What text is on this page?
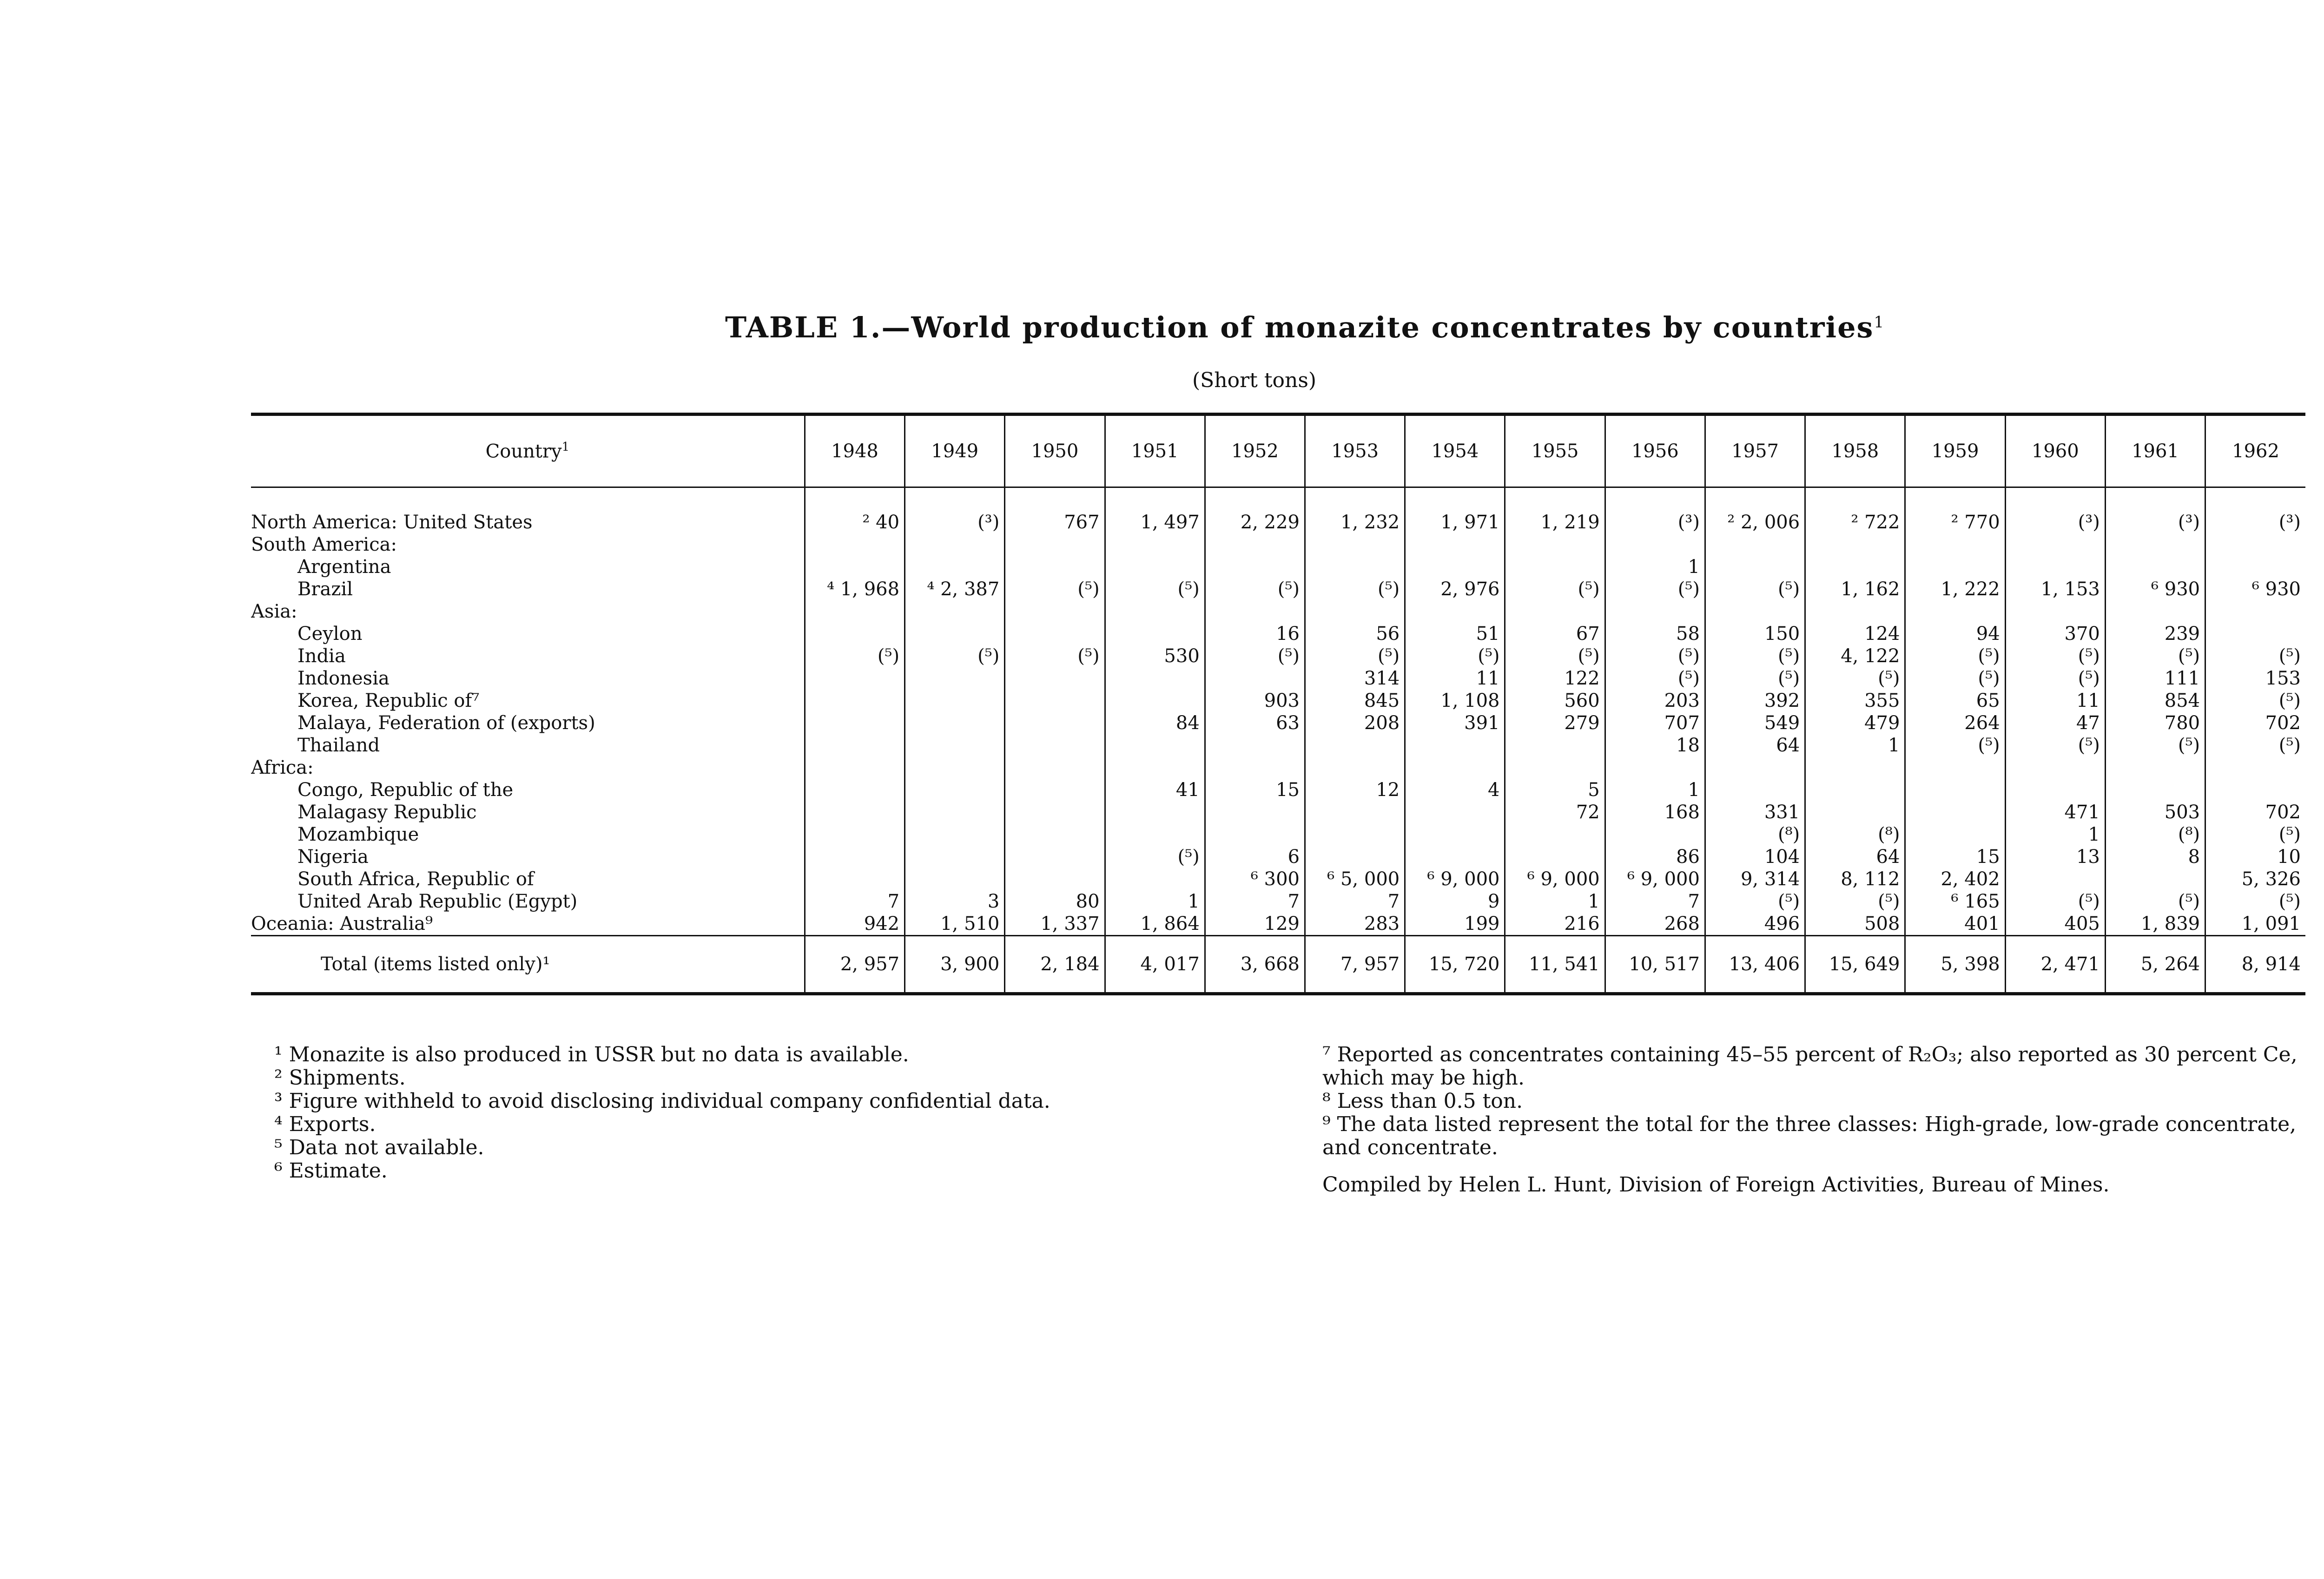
TABLE 1.—World production of monazite concentrates by countries$^1$
(Short tons)
Country$^1$	1948	1949	1950	1951	1952	1953	1954	1955	1956	1957	1958	1959	1960	1961	1962
North America: United States	² 40	(³)	767	1, 497	2, 229	1, 232	1, 971	1, 219	(³)	² 2, 006	² 722	² 770	(³)	(³)	(³)
South America:															
Argentina									1						
Brazil	⁴ 1, 968	⁴ 2, 387	(⁵)	(⁵)	(⁵)	(⁵)	2, 976	(⁵)	(⁵)	(⁵)	1, 162	1, 222	1, 153	⁶ 930	⁶ 930
Asia:															
Ceylon					16	56	51	67	58	150	124	94	370	239	
India	(⁵)	(⁵)	(⁵)	530	(⁵)	(⁵)	(⁵)	(⁵)	(⁵)	(⁵)	4, 122	(⁵)	(⁵)	(⁵)	(⁵)
Indonesia						314	11	122	(⁵)	(⁵)	(⁵)	(⁵)	(⁵)	111	153
Korea, Republic of⁷					903	845	1, 108	560	203	392	355	65	11	854	(⁵)
Malaya, Federation of (exports)				84	63	208	391	279	707	549	479	264	47	780	702
Thailand									18	64	1	(⁵)	(⁵)	(⁵)	(⁵)
Africa:															
Congo, Republic of the				41	15	12	4	5	1						
Malagasy Republic								72	168	331			471	503	702
Mozambique										(⁸)	(⁸)		1	(⁸)	(⁵)
Nigeria				(⁵)	6				86	104	64	15	13	8	10
South Africa, Republic of					⁶ 300	⁶ 5, 000	⁶ 9, 000	⁶ 9, 000	⁶ 9, 000	9, 314	8, 112	2, 402			5, 326
United Arab Republic (Egypt)	7	3	80	1	7	7	9	1	7	(⁵)	(⁵)	⁶ 165	(⁵)	(⁵)	(⁵)
Oceania: Australia⁹	942	1, 510	1, 337	1, 864	129	283	199	216	268	496	508	401	405	1, 839	1, 091
Total (items listed only)¹	2, 957	3, 900	2, 184	4, 017	3, 668	7, 957	15, 720	11, 541	10, 517	13, 406	15, 649	5, 398	2, 471	5, 264	8, 914
¹ Monazite is also produced in USSR but no data is available.
² Shipments.
³ Figure withheld to avoid disclosing individual company confidential data.
⁴ Exports.
⁵ Data not available.
⁶ Estimate.
⁷ Reported as concentrates containing 45–55 percent of R₂O₃; also reported as 30 percent Ce, which may be high.
⁸ Less than 0.5 ton.
⁹ The data listed represent the total for the three classes: High-grade, low-grade concentrate, and concentrate.
Compiled by Helen L. Hunt, Division of Foreign Activities, Bureau of Mines.
